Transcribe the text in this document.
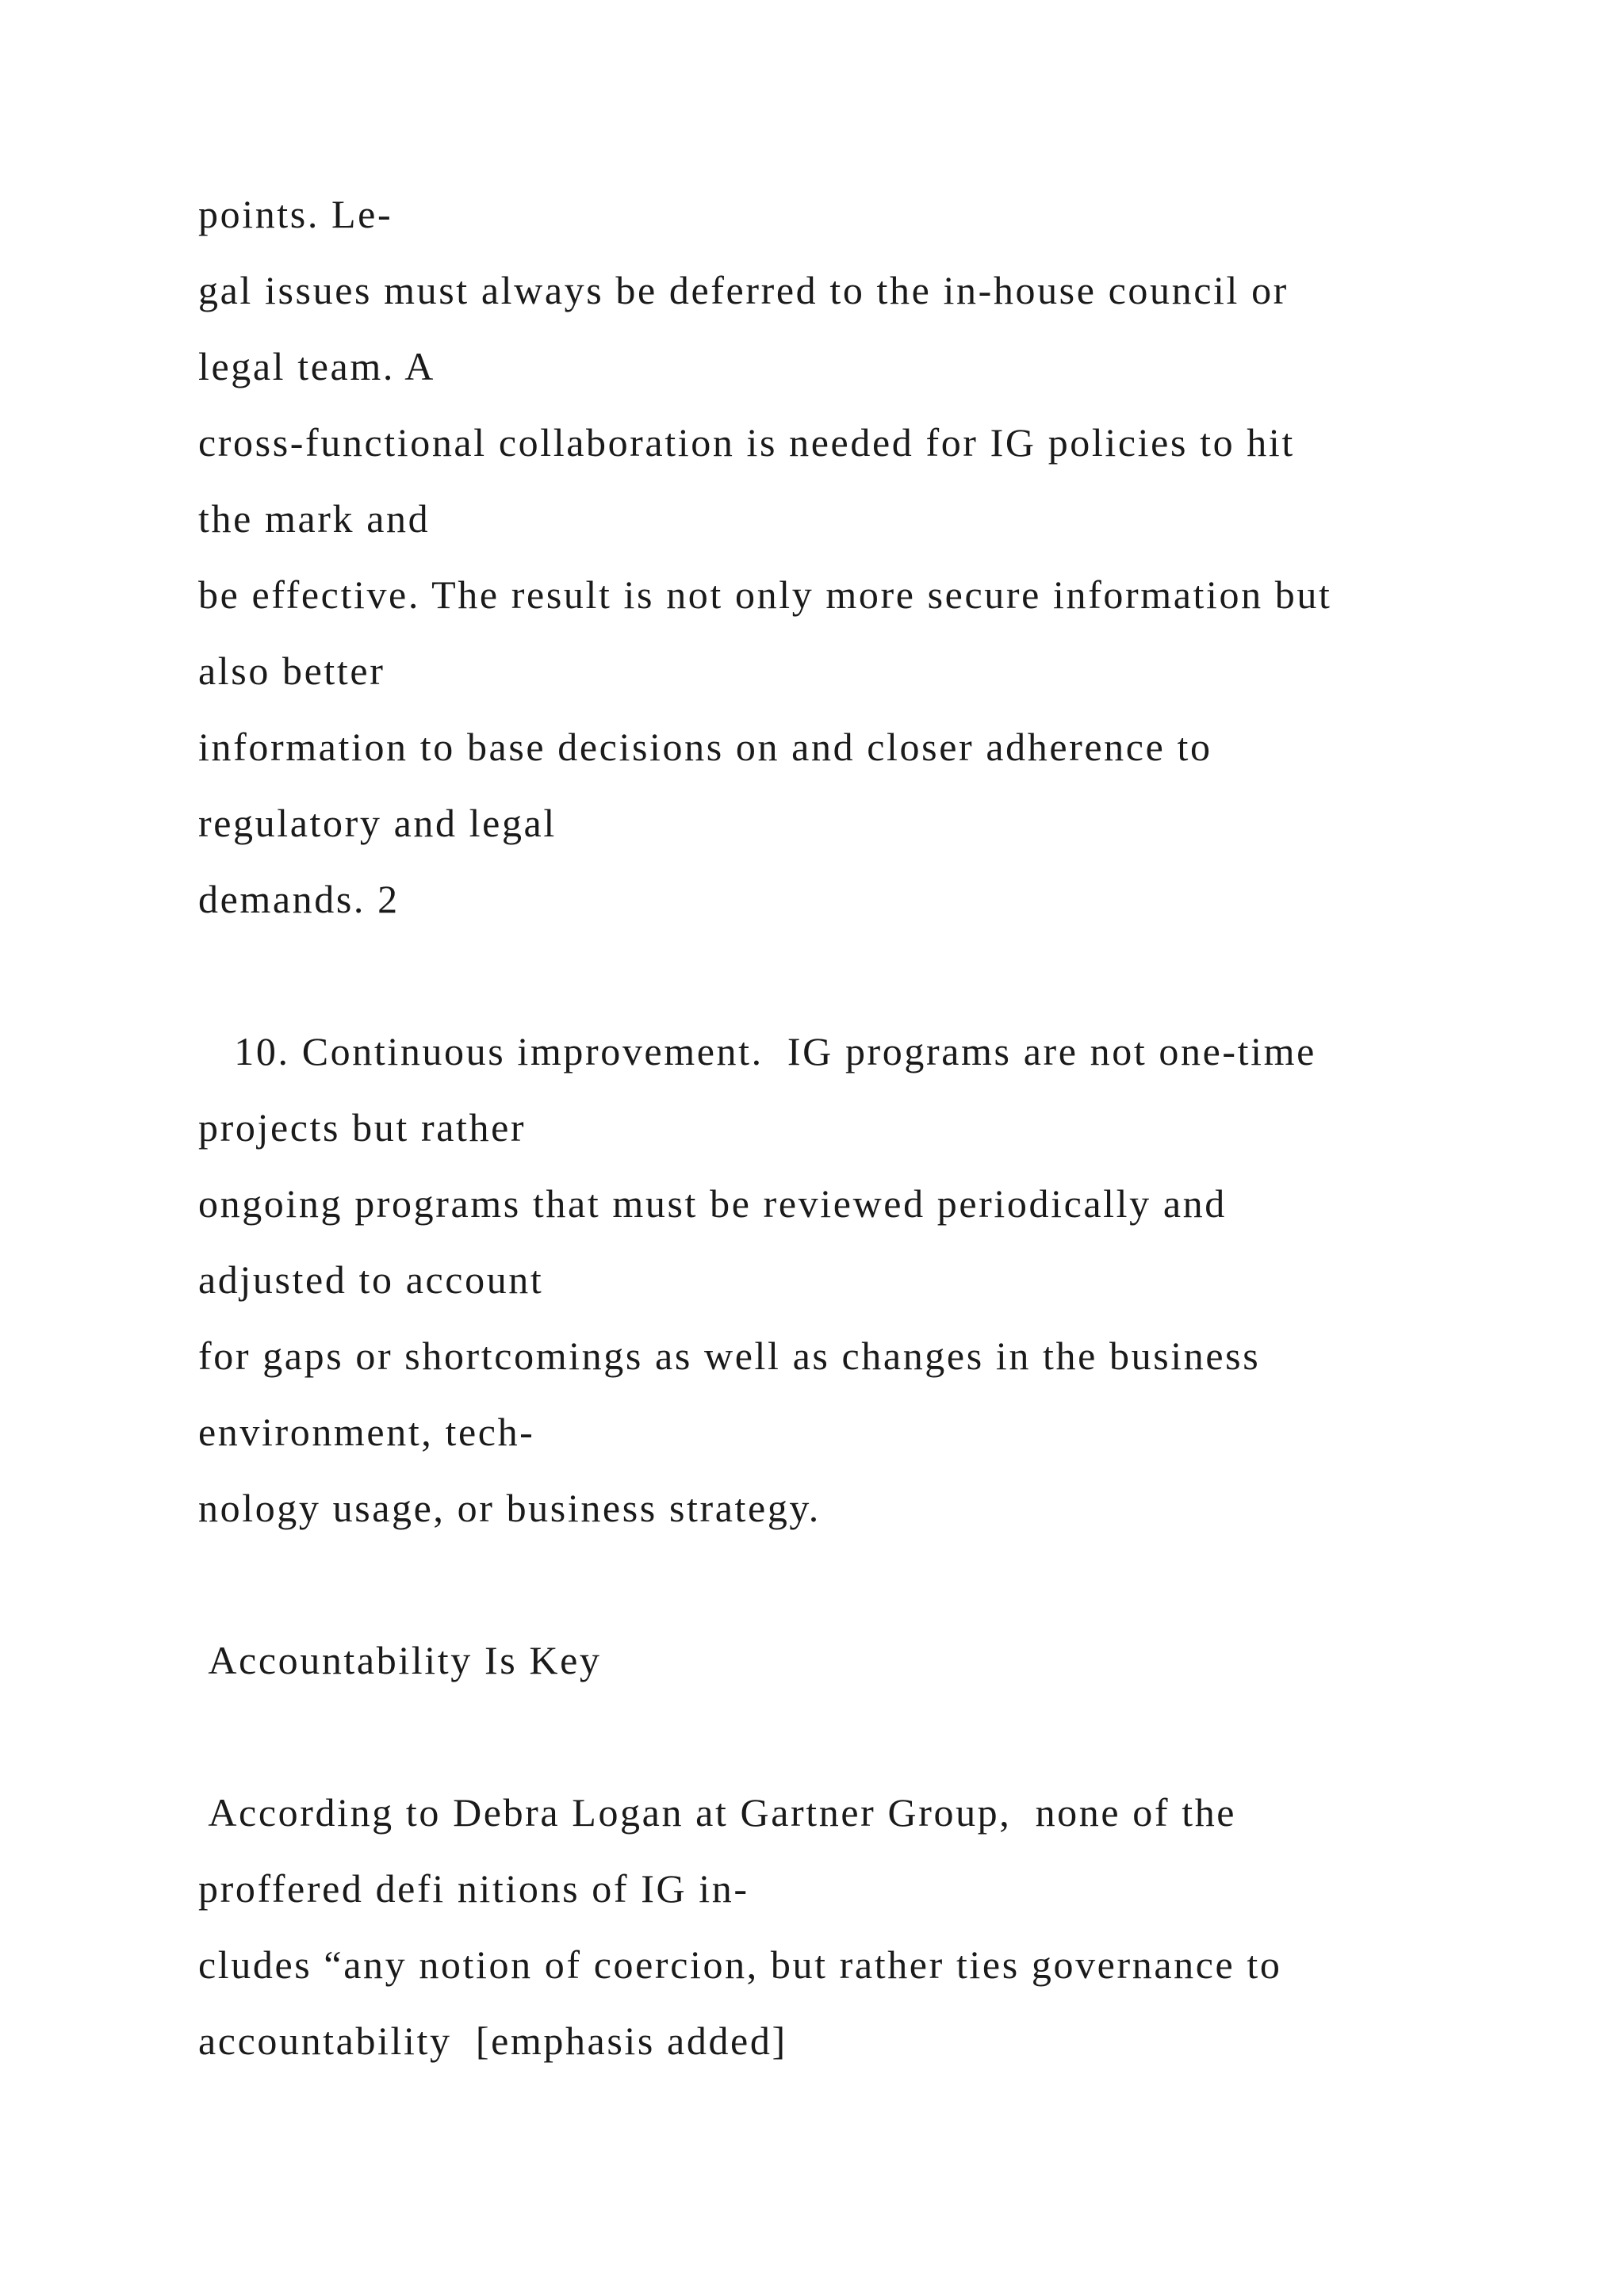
points. Le-
gal issues must always be deferred to the in-house council or
legal team. A
cross-functional collaboration is needed for IG policies to hit
the mark and
be effective. The result is not only more secure information but
also better
information to base decisions on and closer adherence to
regulatory and legal
demands. 2
10. Continuous improvement.  IG programs are not one-time
projects but rather
ongoing programs that must be reviewed periodically and
adjusted to account
for gaps or shortcomings as well as changes in the business
environment, tech-
nology usage, or business strategy.
Accountability Is Key
According to Debra Logan at Gartner Group,  none of the
proffered defi nitions of IG in-
cludes “any notion of coercion, but rather ties governance to
accountability  [emphasis added]
